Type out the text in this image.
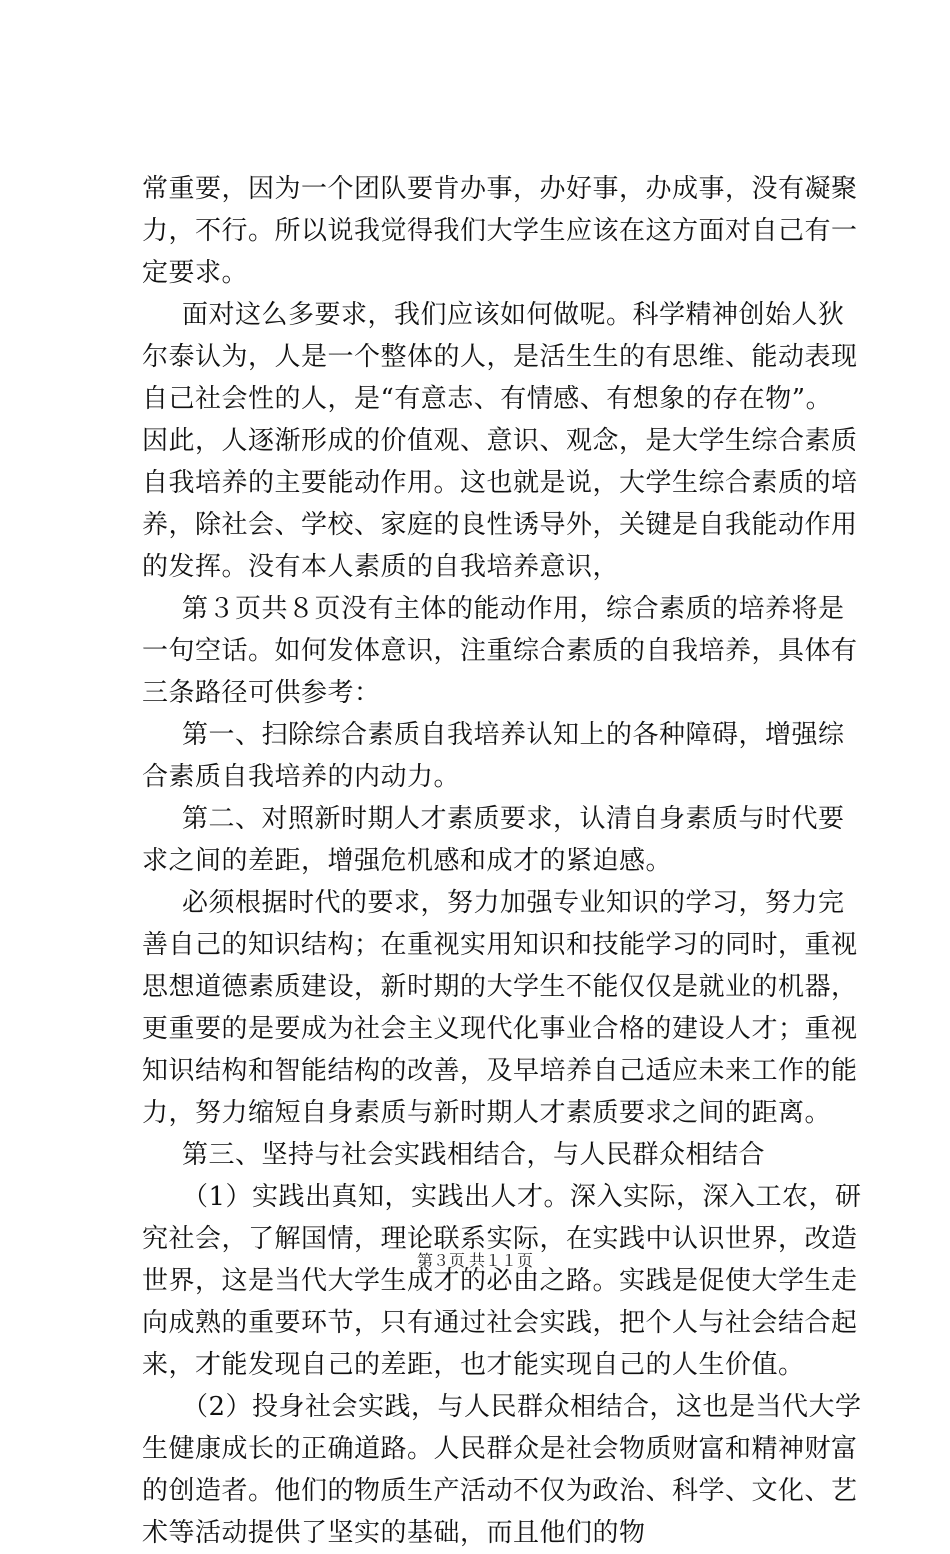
常重要，因为一个团队要肯办事，办好事，办成事，没有凝聚
力，不行。所以说我觉得我们大学生应该在这方面对自己有一
定要求。
面对这么多要求，我们应该如何做呢。科学精神创始人狄
尔泰认为，人是一个整体的人，是活生生的有思维、能动表现
自己社会性的人，是“有意志、有情感、有想象的存在物”。
因此，人逐渐形成的价值观、意识、观念，是大学生综合素质
自我培养的主要能动作用。这也就是说，大学生综合素质的培
养，除社会、学校、家庭的良性诱导外，关键是自我能动作用
的发挥。没有本人素质的自我培养意识，
第３页共８页没有主体的能动作用，综合素质的培养将是
一句空话。如何发体意识，注重综合素质的自我培养，具体有
三条路径可供参考：
第一、扫除综合素质自我培养认知上的各种障碍，增强综
合素质自我培养的内动力。
第二、对照新时期人才素质要求，认清自身素质与时代要
求之间的差距，增强危机感和成才的紧迫感。
必须根据时代的要求，努力加强专业知识的学习，努力完
善自己的知识结构；在重视实用知识和技能学习的同时，重视
思想道德素质建设，新时期的大学生不能仅仅是就业的机器，
更重要的是要成为社会主义现代化事业合格的建设人才；重视
知识结构和智能结构的改善，及早培养自己适应未来工作的能
力，努力缩短自身素质与新时期人才素质要求之间的距离。
第三、坚持与社会实践相结合，与人民群众相结合
（1）实践出真知，实践出人才。深入实际，深入工农，研
究社会，了解国情，理论联系实际，在实践中认识世界，改造
世界，这是当代大学生成才的必由之路。实践是促使大学生走
向成熟的重要环节，只有通过社会实践，把个人与社会结合起
来，才能发现自己的差距，也才能实现自己的人生价值。
（2）投身社会实践，与人民群众相结合，这也是当代大学
生健康成长的正确道路。人民群众是社会物质财富和精神财富
的创造者。他们的物质生产活动不仅为政治、科学、文化、艺
术等活动提供了坚实的基础，而且他们的物
第３页 共１１页
